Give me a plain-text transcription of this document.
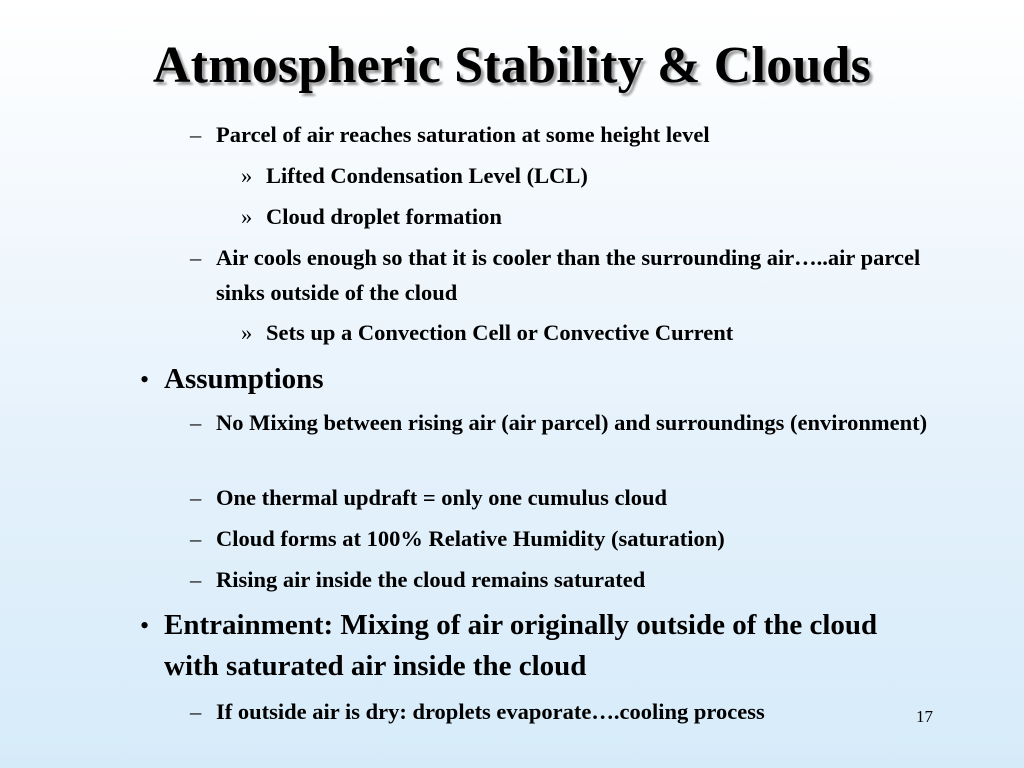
Atmospheric Stability & Clouds
– Parcel of air reaches saturation at some height level
» Lifted Condensation Level (LCL)
» Cloud droplet formation
– Air cools enough so that it is cooler than the surrounding air…..air parcel sinks outside of the cloud
» Sets up a Convection Cell or Convective Current
• Assumptions
– No Mixing between rising air (air parcel) and surroundings (environment)
– One thermal updraft = only one cumulus cloud
– Cloud forms at 100% Relative Humidity (saturation)
– Rising air inside the cloud remains saturated
• Entrainment: Mixing of air originally outside of the cloud with saturated air inside the cloud
– If outside air is dry: droplets evaporate….cooling process	17
